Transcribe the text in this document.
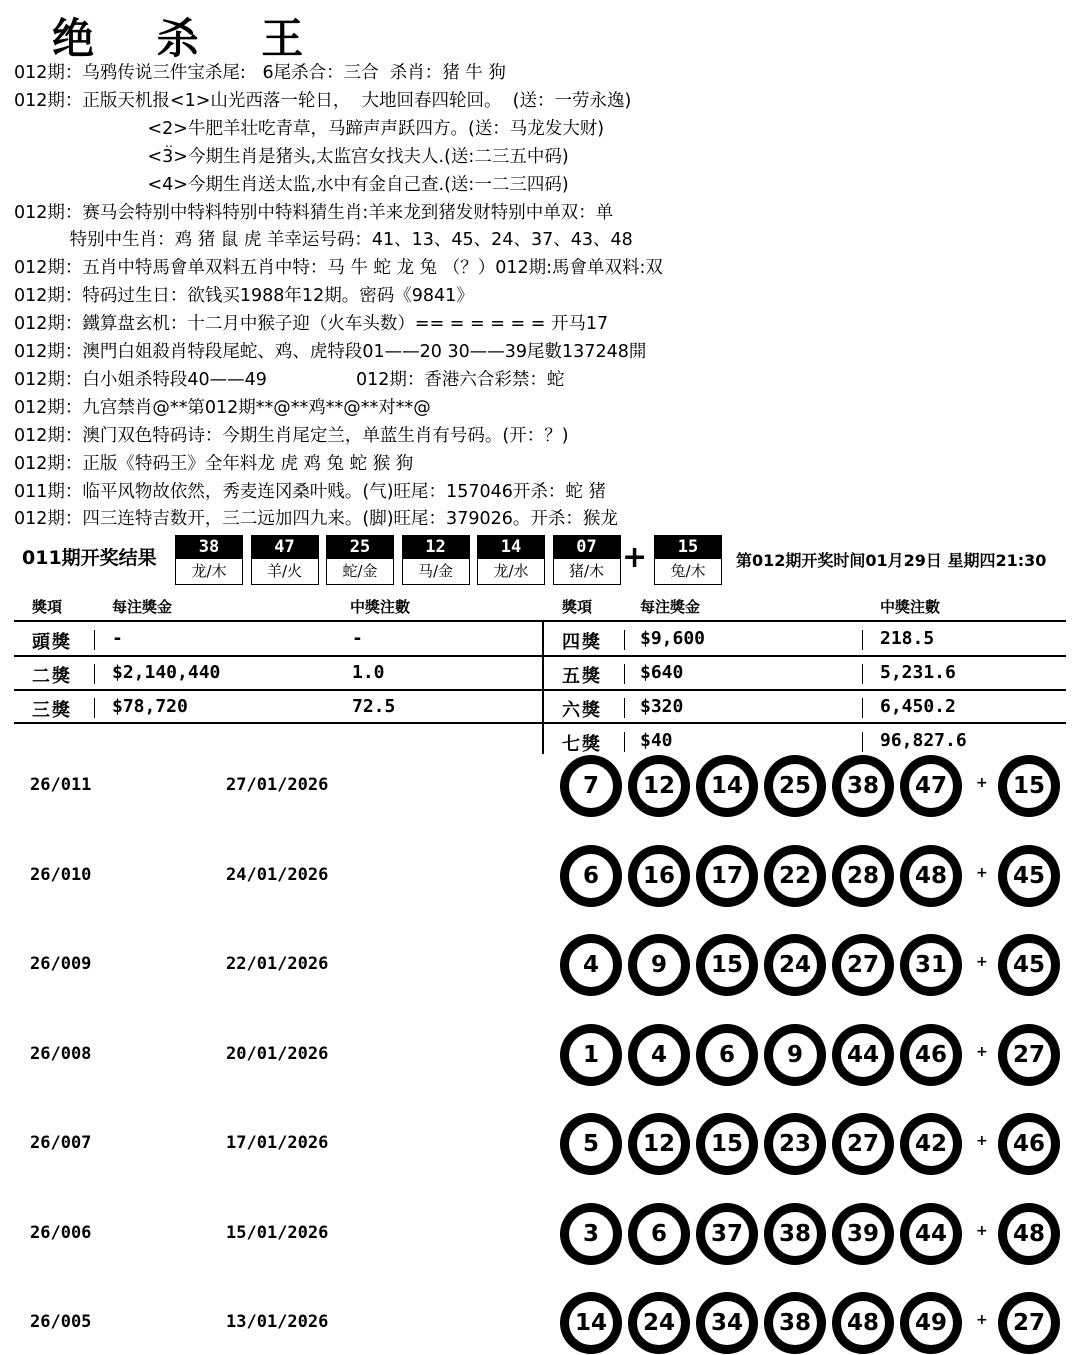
绝 杀 王
012期：乌鸦传说三件宝杀尾:   6尾杀合：三合  杀肖：猪 牛 狗
012期：正版天机报<1>山光西落一轮日，  大地回春四轮回。  (送：一劳永逸)
<2>牛肥羊壮吃青草，马蹄声声跃四方。(送：马龙发大财)
<3>今期生肖是猪头,太监宫女找夫人.(送:二三五中码)
<4>今期生肖送太监,水中有金自己查.(送:一二三四码)
012期：赛马会特别中特料特别中特料猜生肖:羊来龙到猪发财特别中单双：单
特别中生肖：鸡 猪 鼠 虎 羊幸运号码：41、13、45、24、37、43、48
012期：五肖中特馬會单双料五肖中特：马 牛 蛇 龙 兔 （？）012期:馬會单双料:双
012期：特码过生日：欲钱买1988年12期。密码《9841》
012期：鐵算盘玄机：十二月中猴子迎（火车头数）== = = = = = 开马17
012期：澳門白姐殺肖特段尾蛇、鸡、虎特段01——20 30——39尾數137248開
012期：白小姐杀特段40——49                012期：香港六合彩禁：蛇
012期：九宫禁肖@**第012期**@**鸡**@**对**@
012期：澳门双色特码诗：今期生肖尾定兰，单蓝生肖有号码。(开：？)
012期：正版《特码王》全年料龙 虎 鸡 兔 蛇 猴 狗
011期：临平风物故依然，秀麦连冈桑叶贱。(气)旺尾：157046开杀：蛇 猪
012期：四三连特吉数开，三二远加四九来。(脚)旺尾：379026。开杀：猴龙
‥
011期开奖结果	38
龙/木
47
羊/火
25
蛇/金
12
马/金
14
龙/水
07
猪/木
15
兔/木
+	第012期开奖时间01月29日 星期四21:30
獎項	每注獎金	中獎注數	獎項	每注獎金	中獎注數
頭獎 -	-
二獎 $2,140,440	1.0
三獎 $78,720	72.5
四獎 $9,600	218.5
五獎 $640	5,231.6
六獎 $320	6,450.2
七獎 $40	96,827.6
26/011	27/01/2026	7	12	14	25	38	47	+	15
26/010	24/01/2026	6	16	17	22	28	48	+	45
26/009	22/01/2026	4	9	15	24	27	31	+	45
26/008	20/01/2026	1	4	6	9	44	46	+	27
26/007	17/01/2026	5	12	15	23	27	42	+	46
26/006	15/01/2026	3	6	37	38	39	44	+	48
26/005	13/01/2026	14	24	34	38	48	49	+	27
